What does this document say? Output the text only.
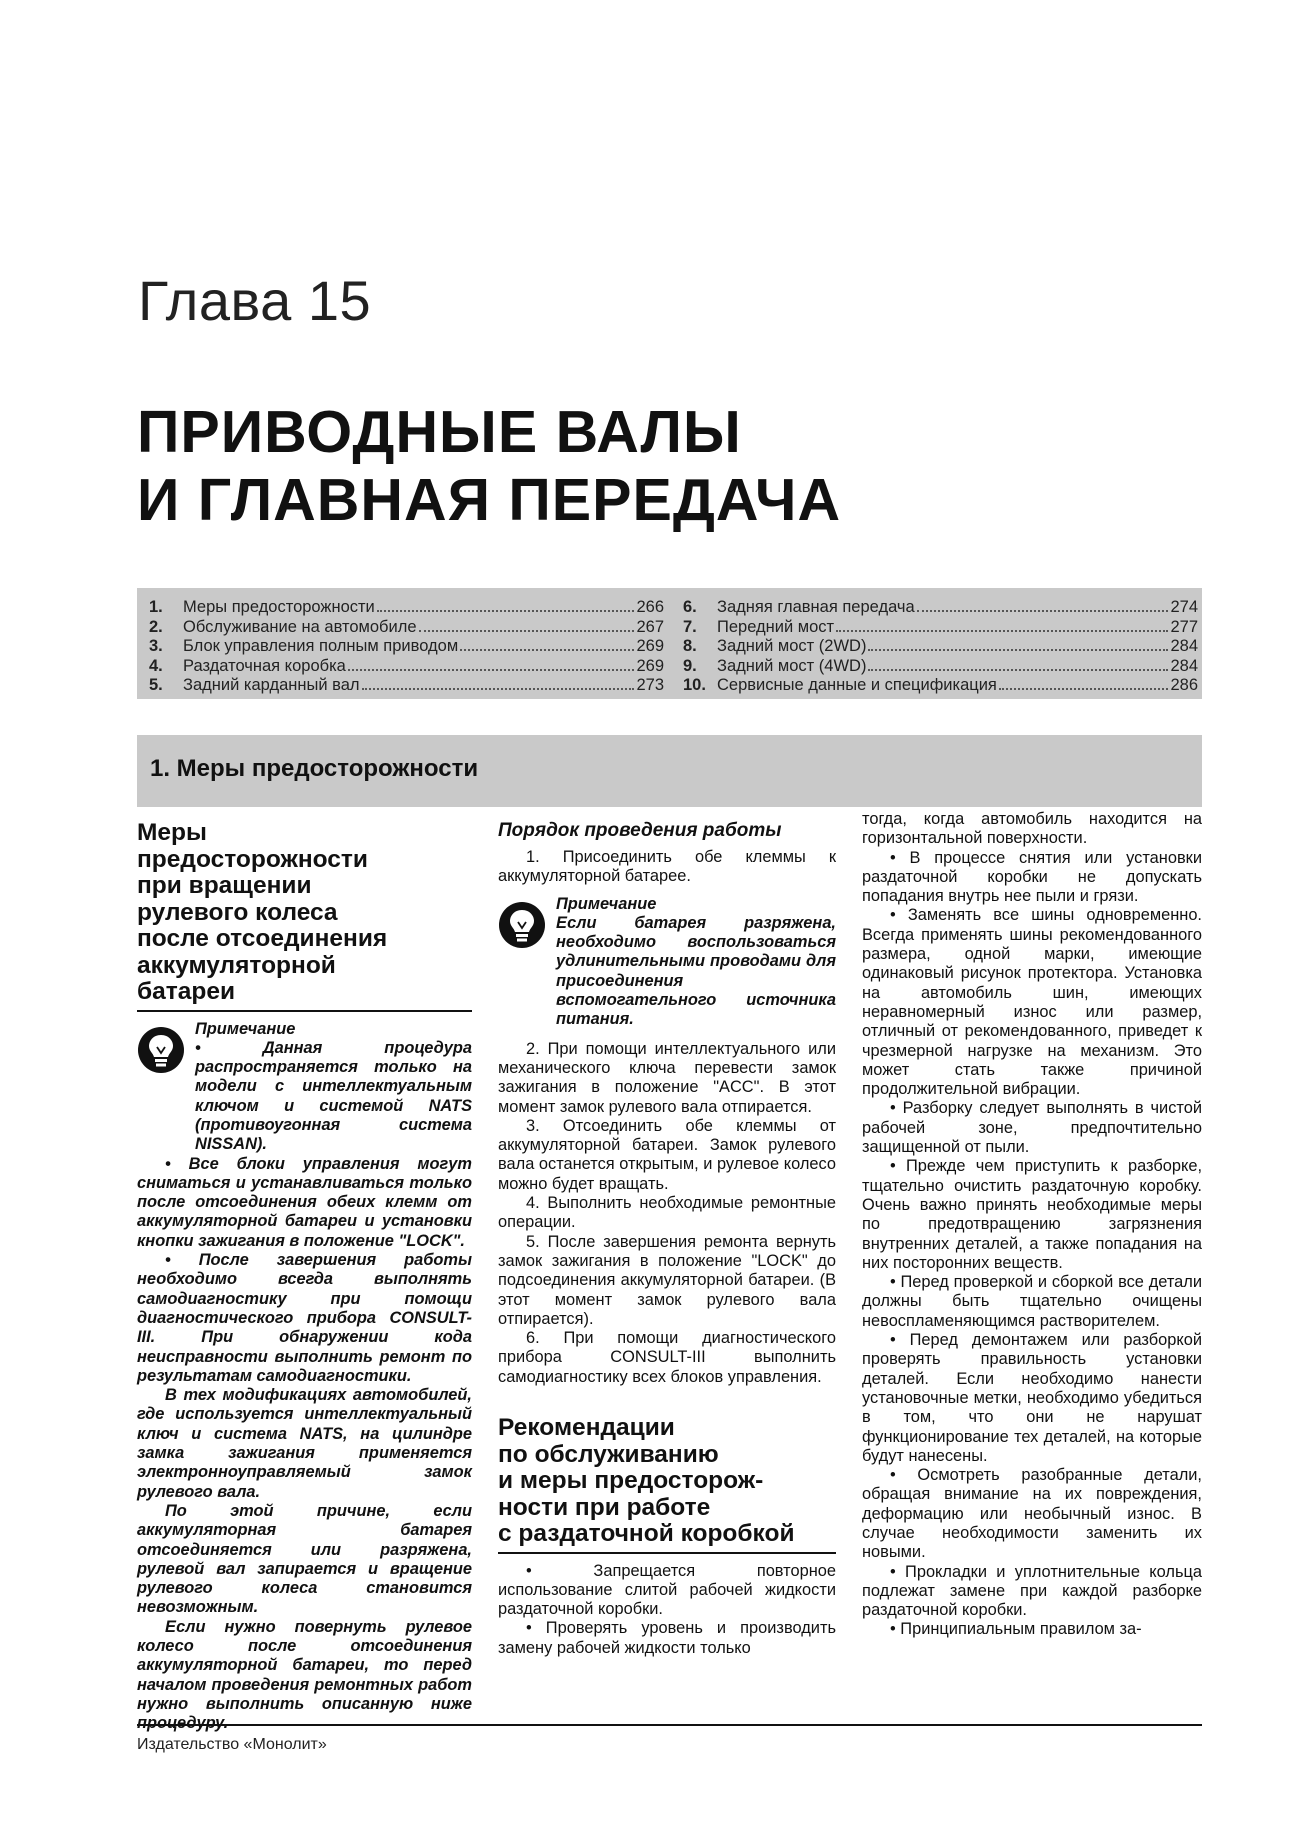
Глава 15
ПРИВОДНЫЕ ВАЛЫ
И ГЛАВНАЯ ПЕРЕДАЧА
1.	Меры предосторожности	266
2.	Обслуживание на автомобиле	267
3.	Блок управления полным приводом	269
4.	Раздаточная коробка	269
5.	Задний карданный вал	273
6.	Задняя главная передача	274
7.	Передний мост	277
8.	Задний мост (2WD)	284
9.	Задний мост (4WD)	284
10. Сервисные данные и спецификация	286
1. Меры предосторожности
Меры
предосторожности
при вращении
рулевого колеса
после отсоединения
аккумуляторной
батареи
Примечание

• Данная процедура распространяется только на модели с интеллектуальным ключом и системой NATS (противоугонная система NISSAN).

• Все блоки управления могут сниматься и устанавливаться только после отсоединения обеих клемм от аккумуляторной батареи и установки кнопки зажигания в положение "LOCK".

• После завершения работы необходимо всегда выполнять самодиагностику при помощи диагностического прибора CONSULT-III. При обнаружении кода неисправности выполнить ремонт по результатам самодиагностики.

В тех модификациях автомобилей, где используется интеллектуальный ключ и система NATS, на цилиндре замка зажигания применяется электронноуправляемый замок рулевого вала.

По этой причине, если аккумуляторная батарея отсоединяется или разряжена, рулевой вал запирается и вращение рулевого колеса становится невозможным.

Если нужно повернуть рулевое колесо после отсоединения аккумуляторной батареи, то перед началом проведения ремонтных работ нужно выполнить описанную ниже

Порядок проведения работы

1. Присоединить обе клеммы к аккумуляторной батарее.

Примечание

Если батарея разряжена, необходимо воспользоваться удлинительными проводами для присоединения вспомогательного источника питания.

2. При помощи интеллектуального или механического ключа перевести замок зажигания в положение "ACC". В этот момент замок рулевого вала отпирается.

3. Отсоединить обе клеммы от аккумуляторной батареи. Замок рулевого вала останется открытым, и рулевое колесо можно будет вращать.

4. Выполнить необходимые ремонтные операции.

5. После завершения ремонта вернуть замок зажигания в положение "LOCK" до подсоединения аккумуляторной батареи. (В этот момент замок рулевого вала отпирается).

6. При помощи диагностического прибора CONSULT-III выполнить самодиагностику всех блоков управления.

Рекомендации
по обслуживанию
и меры предосторож-
ности при работе
с раздаточной коробкой

• Запрещается повторное использование слитой рабочей жидкости раздаточной коробки.

• Проверять уровень и производить замену рабочей жидкости только

тогда, когда автомобиль находится на горизонтальной поверхности.

• В процессе снятия или установки раздаточной коробки не допускать попадания внутрь нее пыли и грязи.

• Заменять все шины одновременно. Всегда применять шины рекомендованного размера, одной марки, имеющие одинаковый рисунок протектора. Установка на автомобиль шин, имеющих неравномерный износ или размер, отличный от рекомендованного, приведет к чрезмерной нагрузке на механизм. Это может стать также причиной продолжительной вибрации.

• Разборку следует выполнять в чистой рабочей зоне, предпочтительно защищенной от пыли.

• Прежде чем приступить к разборке, тщательно очистить раздаточную коробку. Очень важно принять необходимые меры по предотвращению загрязнения внутренних деталей, а также попадания на них посторонних веществ.

• Перед проверкой и сборкой все детали должны быть тщательно очищены невоспламеняющимся растворителем.

• Перед демонтажем или разборкой проверять правильность установки деталей. Если необходимо нанести установочные метки, необходимо убедиться в том, что они не нарушат функционирование тех деталей, на которые будут нанесены.

• Осмотреть разобранные детали, обращая внимание на их повреждения, деформацию или необычный износ. В случае необходимости заменить их новыми.

• Прокладки и уплотнительные кольца подлежат замене при каждой разборке раздаточной коробки.

• Принципиальным правилом за-

Издательство «Монолит»
